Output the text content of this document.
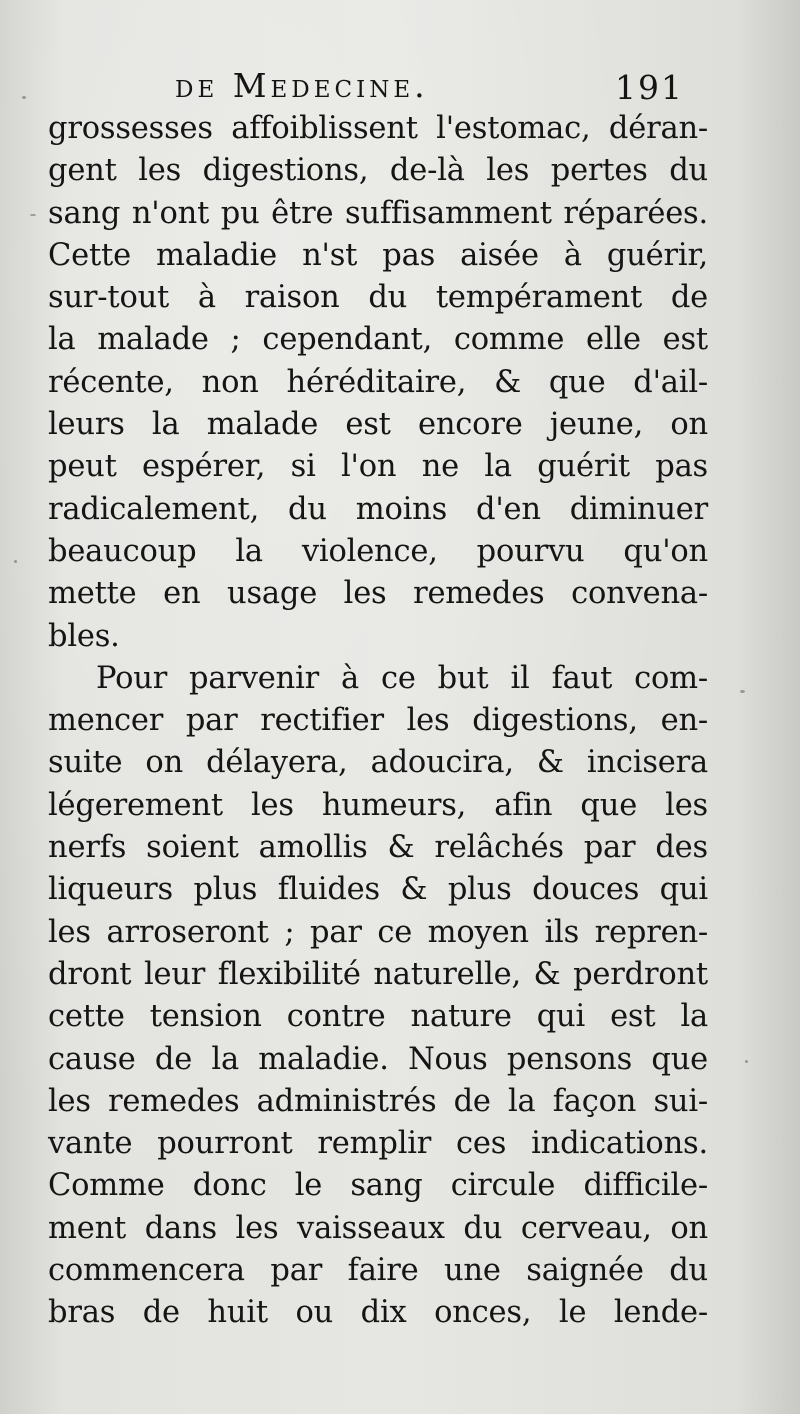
de Medecine.	191
grossesses affoiblissent l'estomac, déran-
gent les digestions, de-là les pertes du
sang n'ont pu être suffisamment réparées.
Cette maladie n'st pas aisée à guérir,
sur-tout à raison du tempérament de
la malade ; cependant, comme elle est
récente, non héréditaire, & que d'ail-
leurs la malade est encore jeune, on
peut espérer, si l'on ne la guérit pas
radicalement, du moins d'en diminuer
beaucoup la violence, pourvu qu'on
mette en usage les remedes convena-
bles.
Pour parvenir à ce but il faut com-
mencer par rectifier les digestions, en-
suite on délayera, adoucira, & incisera
légerement les humeurs, afin que les
nerfs soient amollis & relâchés par des
liqueurs plus fluides & plus douces qui
les arroseront ; par ce moyen ils repren-
dront leur flexibilité naturelle, & perdront
cette tension contre nature qui est la
cause de la maladie. Nous pensons que
les remedes administrés de la façon sui-
vante pourront remplir ces indications.
Comme donc le sang circule difficile-
ment dans les vaisseaux du cerveau, on
commencera par faire une saignée du
bras de huit ou dix onces, le lende-
